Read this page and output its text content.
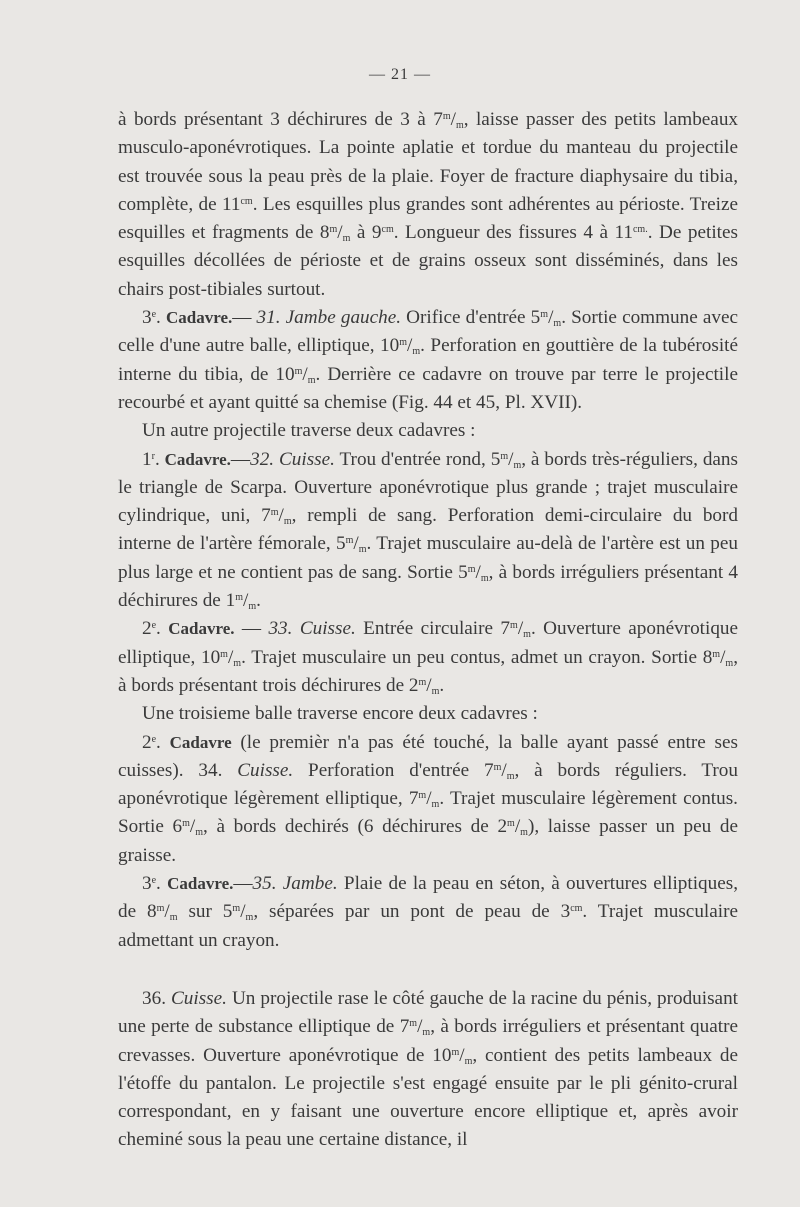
— 21 —

à bords présentant 3 déchirures de 3 à $7^m/_m$, laisse passer des petits lambeaux musculo-aponévrotiques. La pointe aplatie et tordue du manteau du projectile est trouvée sous la peau près de la plaie. Foyer de fracture diaphysaire du tibia, complète, de $11^{cm}$. Les esquilles plus grandes sont adhérentes au périoste. Treize esquilles et fragments de $8^m/_m$ à $9^{cm}$. Longueur des fissures 4 à $11^{cm.}$. De petites esquilles décollées de périoste et de grains osseux sont disséminés, dans les chairs post-tibiales surtout.

3e. Cadavre.— 31. Jambe gauche. Orifice d'entrée $5^m/_m$. Sortie commune avec celle d'une autre balle, elliptique, $10^m/_m$. Perforation en gouttière de la tubérosité interne du tibia, de $10^m/_m$. Derrière ce cadavre on trouve par terre le projectile recourbé et ayant quitté sa chemise (Fig. 44 et 45, Pl. XVII).

Un autre projectile traverse deux cadavres :

1$^r$. Cadavre.—32. Cuisse. Trou d'entrée rond, $5^m/_m$, à bords très-réguliers, dans le triangle de Scarpa. Ouverture aponévrotique plus grande ; trajet musculaire cylindrique, uni, $7^m/_m$, rempli de sang. Perforation demi-circulaire du bord interne de l'artère fémorale, $5^m/_m$. Trajet musculaire au-delà de l'artère est un peu plus large et ne contient pas de sang. Sortie $5^m/_m$, à bords irréguliers présentant 4 déchirures de $1^m/_m$.

2e. Cadavre. — 33. Cuisse. Entrée circulaire $7^m/_m$. Ouverture aponévrotique elliptique, $10^m/_m$. Trajet musculaire un peu contus, admet un crayon. Sortie $8^m/_m$, à bords présentant trois déchirures de $2^m/_m$.

Une troisieme balle traverse encore deux cadavres :

2e. Cadavre (le premièr n'a pas été touché, la balle ayant passé entre ses cuisses). 34. Cuisse. Perforation d'entrée $7^m/_m$, à bords réguliers. Trou aponévrotique légèrement elliptique, $7^m/_m$. Trajet musculaire légèrement contus. Sortie $6^m/_m$, à bords dechirés (6 déchirures de $2^m/_m$), laisse passer un peu de graisse.

3e. Cadavre.—35. Jambe. Plaie de la peau en séton, à ouvertures elliptiques, de $8^m/_m$ sur $5^m/_m$, séparées par un pont de peau de $3^{cm}$. Trajet musculaire admettant un crayon.

36. Cuisse. Un projectile rase le côté gauche de la racine du pénis, produisant une perte de substance elliptique de $7^m/_m$, à bords irréguliers et présentant quatre crevasses. Ouverture aponévrotique de $10^m/_m$, contient des petits lambeaux de l'étoffe du pantalon. Le projectile s'est engagé ensuite par le pli génito-crural correspondant, en y faisant une ouverture encore elliptique et, après avoir cheminé sous la peau une certaine distance, il
